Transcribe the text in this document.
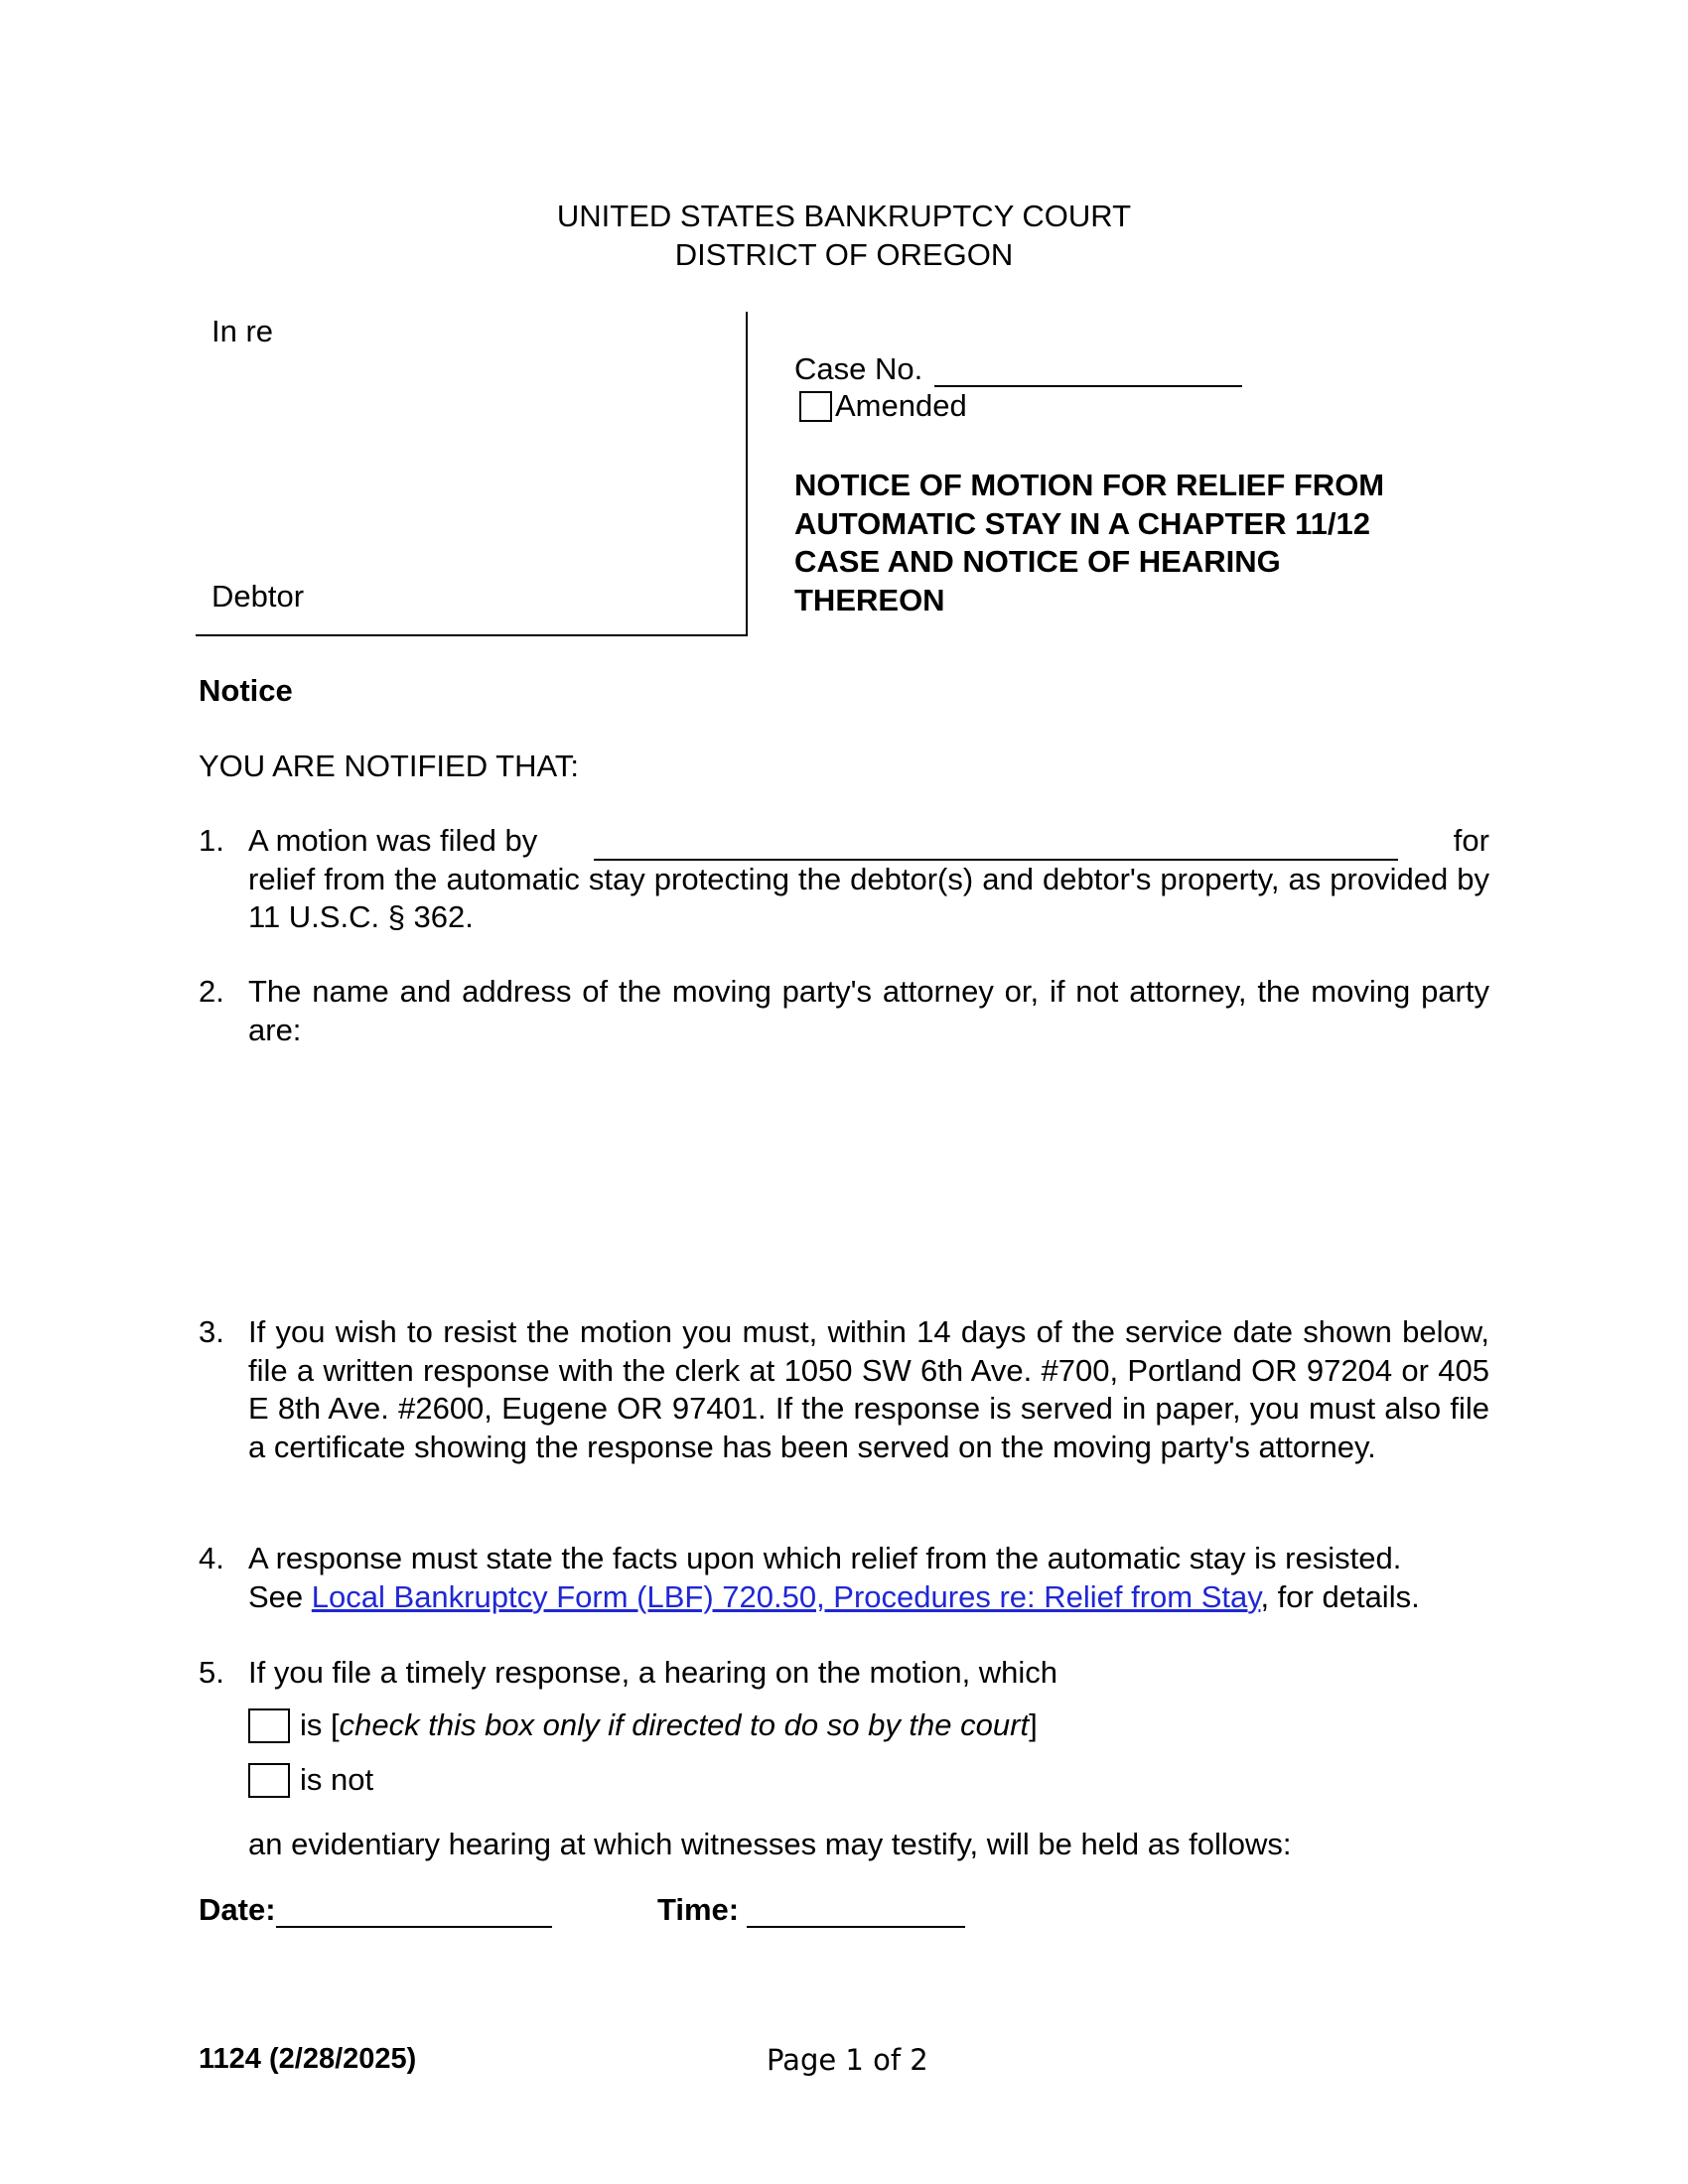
UNITED STATES BANKRUPTCY COURT
DISTRICT OF OREGON
In re
Debtor
Case No.
Amended
NOTICE OF MOTION FOR RELIEF FROM
AUTOMATIC STAY IN A CHAPTER 11/12
CASE AND NOTICE OF HEARING
THEREON
Notice
YOU ARE NOTIFIED THAT:
1. A motion was filed by	for
relief from the automatic stay protecting the debtor(s) and debtor's property, as provided by 11 U.S.C. § 362.
2. The name and address of the moving party's attorney or, if not attorney, the moving party are:
3. If you wish to resist the motion you must, within 14 days of the service date shown below, file a written response with the clerk at 1050 SW 6th Ave. #700, Portland OR 97204 or 405 E 8th Ave. #2600, Eugene OR 97401. If the response is served in paper, you must also file a certificate showing the response has been served on the moving party's attorney.
4. A response must state the facts upon which relief from the automatic stay is resisted.
See Local Bankruptcy Form (LBF) 720.50, Procedures re: Relief from Stay, for details.
5. If you file a timely response, a hearing on the motion, which
is [ check this box only if directed to do so by the court ]
is not
an evidentiary hearing at which witnesses may testify, will be held as follows:
Date:	Time:
1124 (2/28/2025)	Page 1 of 2
